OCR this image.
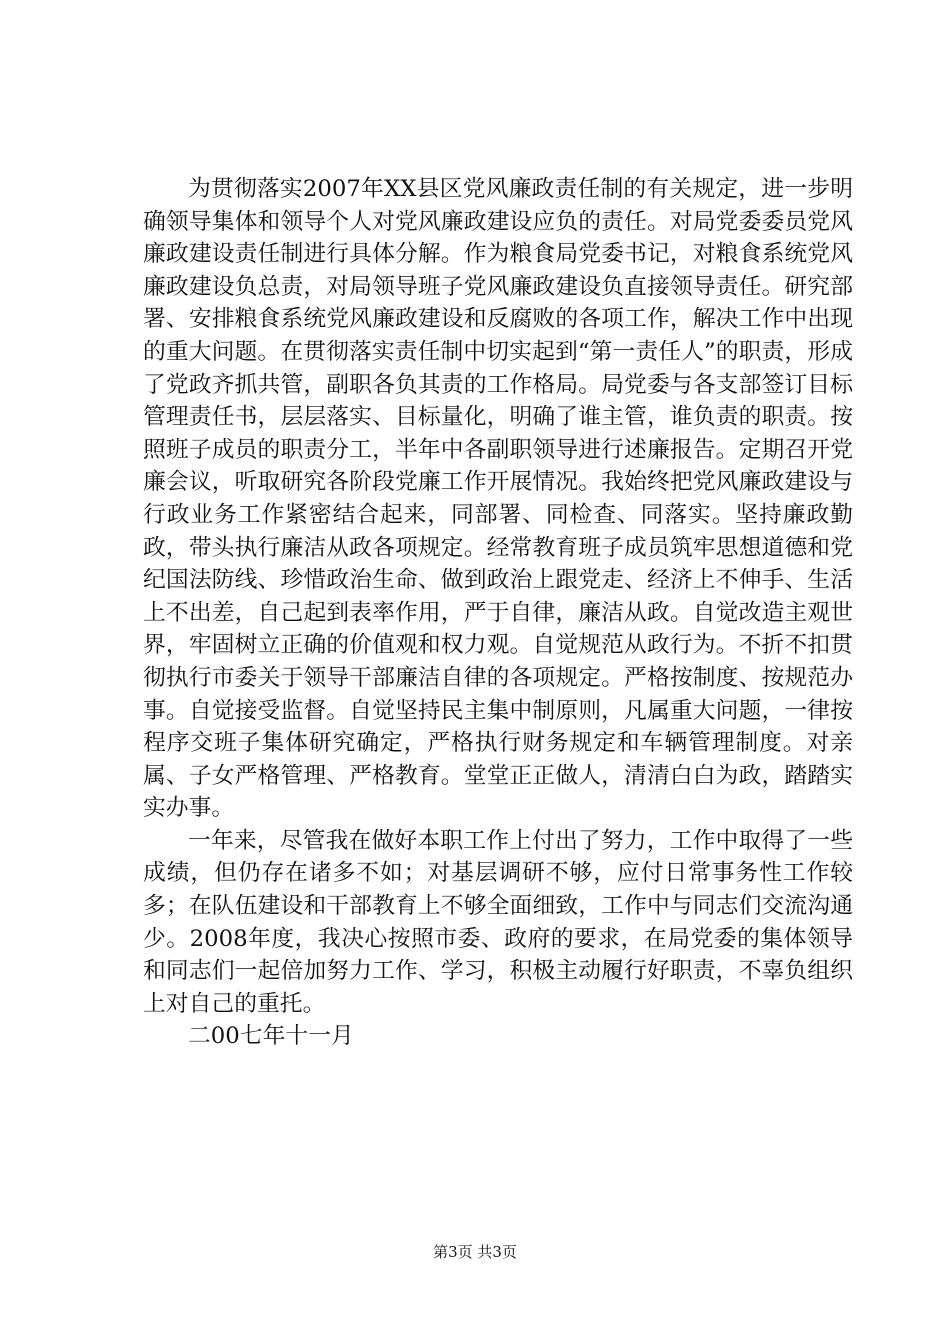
为贯彻落实2007年XX县区党风廉政责任制的有关规定，进一步明确领导集体和领导个人对党风廉政建设应负的责任。对局党委委员党风廉政建设责任制进行具体分解。作为粮食局党委书记，对粮食系统党风廉政建设负总责，对局领导班子党风廉政建设负直接领导责任。研究部署、安排粮食系统党风廉政建设和反腐败的各项工作，解决工作中出现的重大问题。在贯彻落实责任制中切实起到“第一责任人”的职责，形成了党政齐抓共管，副职各负其责的工作格局。局党委与各支部签订目标管理责任书，层层落实、目标量化，明确了谁主管，谁负责的职责。按照班子成员的职责分工，半年中各副职领导进行述廉报告。定期召开党廉会议，听取研究各阶段党廉工作开展情况。我始终把党风廉政建设与行政业务工作紧密结合起来，同部署、同检查、同落实。坚持廉政勤政，带头执行廉洁从政各项规定。经常教育班子成员筑牢思想道德和党纪国法防线、珍惜政治生命、做到政治上跟党走、经济上不伸手、生活上不出差，自己起到表率作用，严于自律，廉洁从政。自觉改造主观世界，牢固树立正确的价值观和权力观。自觉规范从政行为。不折不扣贯彻执行市委关于领导干部廉洁自律的各项规定。严格按制度、按规范办事。自觉接受监督。自觉坚持民主集中制原则，凡属重大问题，一律按程序交班子集体研究确定，严格执行财务规定和车辆管理制度。对亲属、子女严格管理、严格教育。堂堂正正做人，清清白白为政，踏踏实实办事。

一年来，尽管我在做好本职工作上付出了努力，工作中取得了一些成绩，但仍存在诸多不如；对基层调研不够，应付日常事务性工作较多；在队伍建设和干部教育上不够全面细致，工作中与同志们交流沟通少。2008年度，我决心按照市委、政府的要求，在局党委的集体领导和同志们一起倍加努力工作、学习，积极主动履行好职责，不辜负组织上对自己的重托。

二00七年十一月

第3页 共3页
